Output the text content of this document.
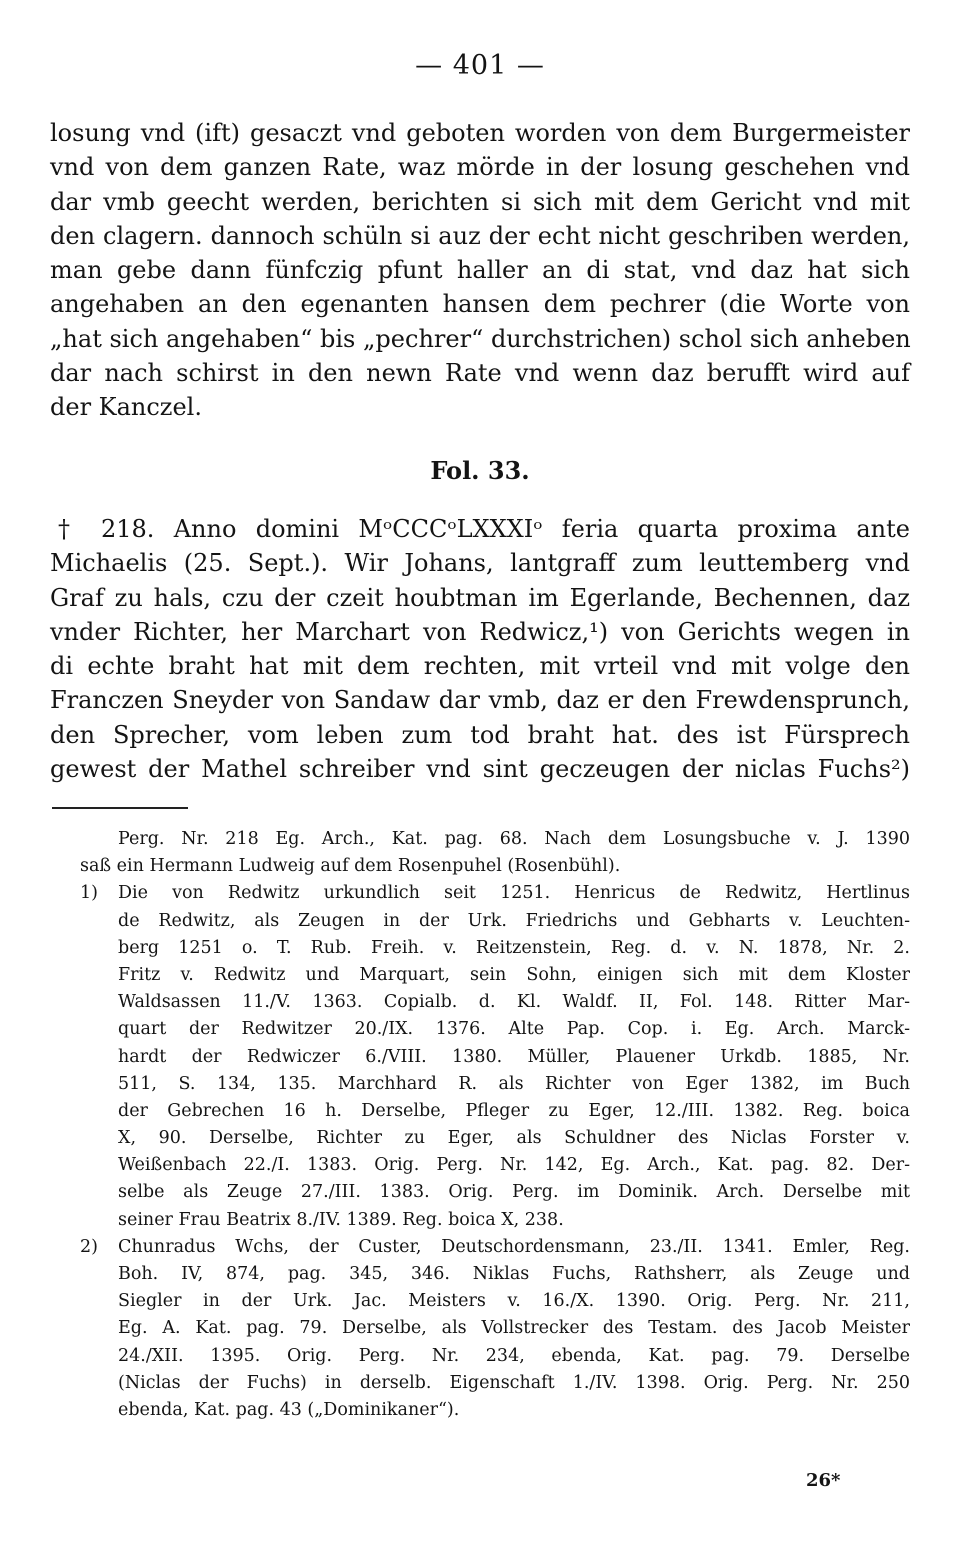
— 401 —
losung vnd (ift) gesaczt vnd geboten worden von dem Burgermeister
vnd von dem ganzen Rate, waz mörde in der losung geschehen vnd
dar vmb geecht werden, berichten si sich mit dem Gericht vnd mit
den clagern. dannoch schüln si auz der echt nicht geschriben werden,
man gebe dann fünfczig pfunt haller an di stat, vnd daz hat sich
angehaben an den egenanten hansen dem pechrer (die Worte von
„hat sich angehaben“ bis „pechrer“ durchstrichen) schol sich anheben
dar nach schirst in den newn Rate vnd wenn daz berufft wird auf
der Kanczel.
Fol. 33.
† 218. Anno domini MᵒCCCᵒLXXXIᵒ feria quarta proxima ante
Michaelis (25. Sept.). Wir Johans, lantgraff zum leuttemberg vnd
Graf zu hals, czu der czeit houbtman im Egerlande, Bechennen, daz
vnder Richter, her Marchart von Redwicz,¹) von Gerichts wegen in
di echte braht hat mit dem rechten, mit vrteil vnd mit volge den
Franczen Sneyder von Sandaw dar vmb, daz er den Frewdensprunch,
den Sprecher, vom leben zum tod braht hat. des ist Fürsprech
gewest der Mathel schreiber vnd sint geczeugen der niclas Fuchs²)
Perg. Nr. 218 Eg. Arch., Kat. pag. 68. Nach dem Losungsbuche v. J. 1390
saß ein Hermann Ludweig auf dem Rosenpuhel (Rosenbühl).
1) Die von Redwitz urkundlich seit 1251. Henricus de Redwitz, Hertlinus
de Redwitz, als Zeugen in der Urk. Friedrichs und Gebharts v. Leuchten-
berg 1251 o. T. Rub. Freih. v. Reitzenstein, Reg. d. v. N. 1878, Nr. 2.
Fritz v. Redwitz und Marquart, sein Sohn, einigen sich mit dem Kloster
Waldsassen 11./V. 1363. Copialb. d. Kl. Waldf. II, Fol. 148. Ritter Mar-
quart der Redwitzer 20./IX. 1376. Alte Pap. Cop. i. Eg. Arch. Marck-
hardt der Redwiczer 6./VIII. 1380. Müller, Plauener Urkdb. 1885, Nr.
511, S. 134, 135. Marchhard R. als Richter von Eger 1382, im Buch
der Gebrechen 16 h. Derselbe, Pfleger zu Eger, 12./III. 1382. Reg. boica
X, 90. Derselbe, Richter zu Eger, als Schuldner des Niclas Forster v.
Weißenbach 22./I. 1383. Orig. Perg. Nr. 142, Eg. Arch., Kat. pag. 82. Der-
selbe als Zeuge 27./III. 1383. Orig. Perg. im Dominik. Arch. Derselbe mit
seiner Frau Beatrix 8./IV. 1389. Reg. boica X, 238.
2) Chunradus Wchs, der Custer, Deutschordensmann, 23./II. 1341. Emler, Reg.
Boh. IV, 874, pag. 345, 346. Niklas Fuchs, Rathsherr, als Zeuge und
Siegler in der Urk. Jac. Meisters v. 16./X. 1390. Orig. Perg. Nr. 211,
Eg. A. Kat. pag. 79. Derselbe, als Vollstrecker des Testam. des Jacob Meister
24./XII. 1395. Orig. Perg. Nr. 234, ebenda, Kat. pag. 79. Derselbe
(Niclas der Fuchs) in derselb. Eigenschaft 1./IV. 1398. Orig. Perg. Nr. 250
ebenda, Kat. pag. 43 („Dominikaner“).
26*
